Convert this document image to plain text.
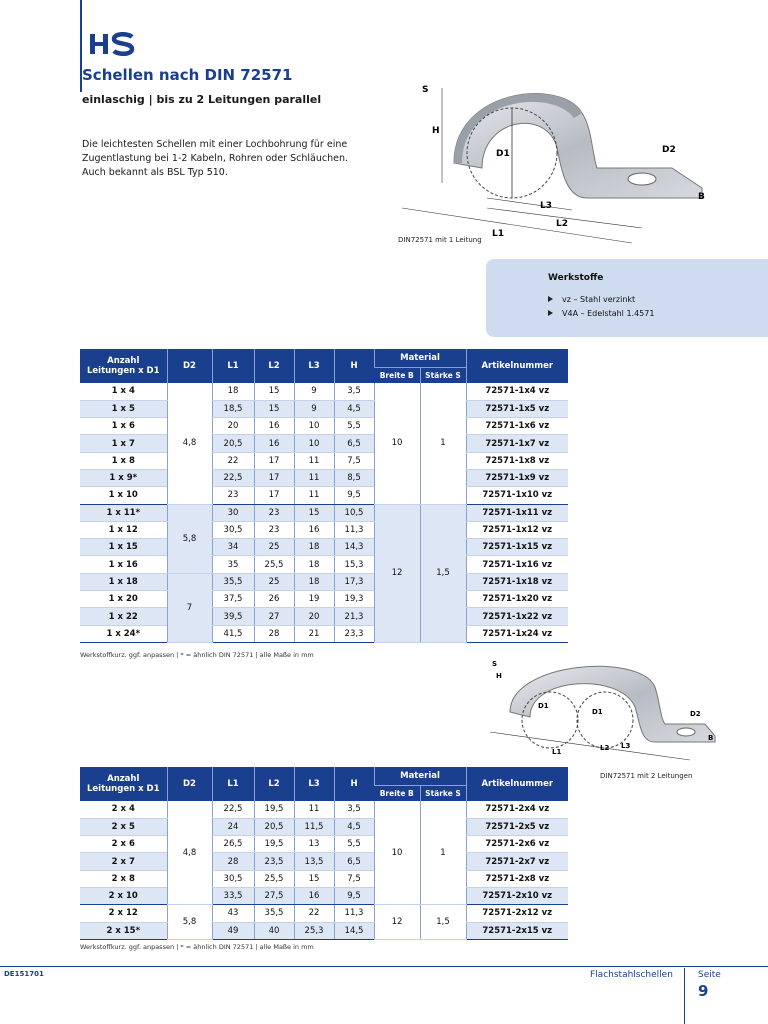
Schellen nach DIN 72571
einlaschig | bis zu 2 Leitungen parallel
Die leichtesten Schellen mit einer Lochbohrung für eine Zugentlastung bei 1-2 Kabeln, Rohren oder Schläuchen. Auch bekannt als BSL Typ 510.
D1
S
H
D2
B
L3
L2
L1
DIN72571 mit 1 Leitung
Werkstoffe
vz – Stahl verzinkt
V4A – Edelstahl 1.4571
Anzahl
Leitungen x D1	D2	L1	L2	L3	H	Material		Artikelnummer
						Breite B	Stärke S	
1 x 4	4,8	18	15	9	3,5	10	1	72571-1x4 vz
1 x 5		18,5	15	9	4,5			72571-1x5 vz
1 x 6		20	16	10	5,5			72571-1x6 vz
1 x 7		20,5	16	10	6,5			72571-1x7 vz
1 x 8		22	17	11	7,5			72571-1x8 vz
1 x 9*		22,5	17	11	8,5			72571-1x9 vz
1 x 10		23	17	11	9,5			72571-1x10 vz
1 x 11*	5,8	30	23	15	10,5	12	1,5	72571-1x11 vz
1 x 12		30,5	23	16	11,3			72571-1x12 vz
1 x 15		34	25	18	14,3			72571-1x15 vz
1 x 16		35	25,5	18	15,3			72571-1x16 vz
1 x 18	7	35,5	25	18	17,3			72571-1x18 vz
1 x 20		37,5	26	19	19,3			72571-1x20 vz
1 x 22		39,5	27	20	21,3			72571-1x22 vz
1 x 24*		41,5	28	21	23,3			72571-1x24 vz
Werkstoffkurz. ggf. anpassen | * = ähnlich DIN 72571 | alle Maße in mm
D1
D1
S
H
D2
B
L3
L2
L1
DIN72571 mit 2 Leitungen
Anzahl
Leitungen x D1	D2	L1	L2	L3	H	Material		Artikelnummer
						Breite B	Stärke S	
2 x 4	4,8	22,5	19,5	11	3,5	10	1	72571-2x4 vz
2 x 5		24	20,5	11,5	4,5			72571-2x5 vz
2 x 6		26,5	19,5	13	5,5			72571-2x6 vz
2 x 7		28	23,5	13,5	6,5			72571-2x7 vz
2 x 8		30,5	25,5	15	7,5			72571-2x8 vz
2 x 10		33,5	27,5	16	9,5			72571-2x10 vz
2 x 12	5,8	43	35,5	22	11,3	12	1,5	72571-2x12 vz
2 x 15*		49	40	25,3	14,5			72571-2x15 vz
Werkstoffkurz. ggf. anpassen | * = ähnlich DIN 72571 | alle Maße in mm
DE151701	Flachstahlschellen	Seite
9
